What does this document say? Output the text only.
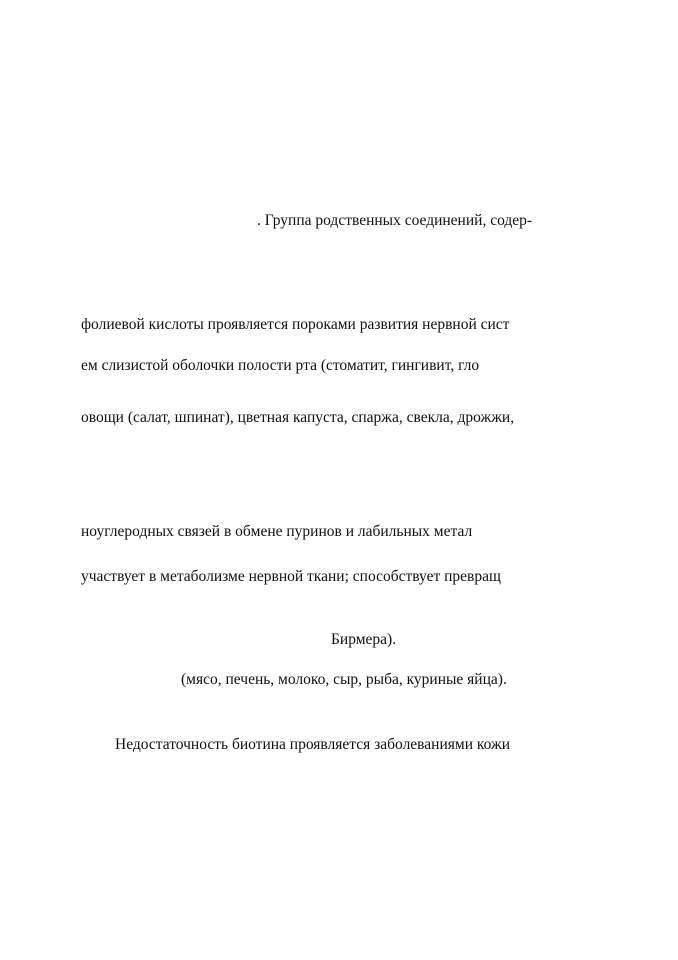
. Группа родственных соединений, содер-
фолиевой кислоты проявляется пороками развития нервной сист
ем слизистой оболочки полости рта (стоматит, гингивит, гло
овощи (салат, шпинат), цветная капуста, спаржа, свекла, дрожжи,
ноуглеродных связей в обмене пуринов и лабильных метал
участвует в метаболизме нервной ткани; способствует превращ
Бирмера).
(мясо, печень, молоко, сыр, рыба, куриные яйца).
Недостаточность биотина проявляется заболеваниями кожи
